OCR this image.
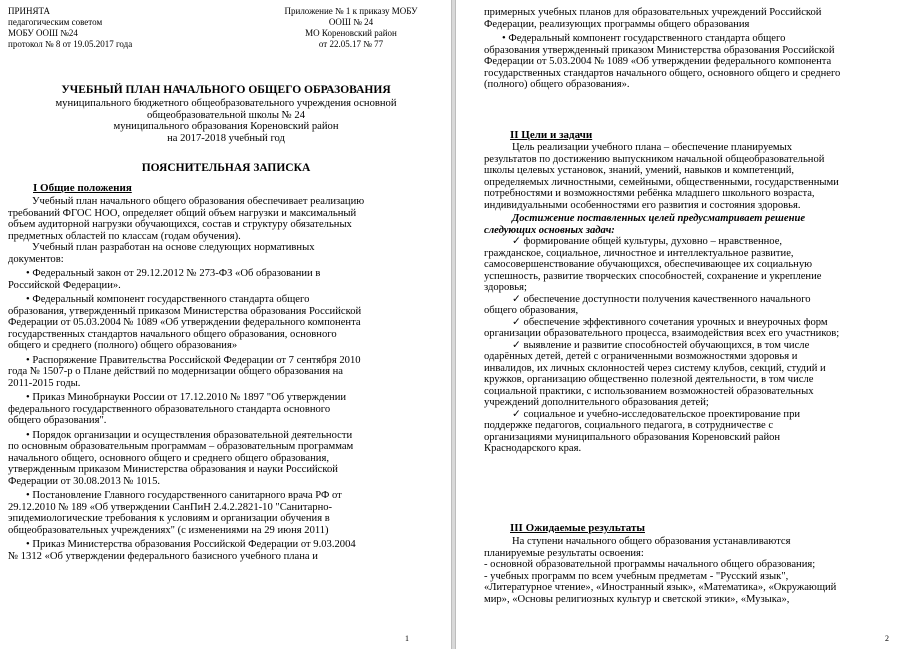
ПРИНЯТА
педагогическим советом
МОБУ ООШ №24
протокол № 8 от 19.05.2017 года
Приложение № 1 к приказу МОБУ
ООШ № 24
МО Кореновский район
от 22.05.17 № 77
УЧЕБНЫЙ ПЛАН НАЧАЛЬНОГО ОБЩЕГО ОБРАЗОВАНИЯ
муниципального бюджетного общеобразовательного учреждения основной
общеобразовательной школы № 24
муниципального образования Кореновский район
на 2017-2018 учебный год
ПОЯСНИТЕЛЬНАЯ ЗАПИСКА
I Общие положения
Учебный план начального общего образования обеспечивает реализацию
требований ФГОС НОО, определяет общий объем нагрузки и максимальный
объем аудиторной нагрузки обучающихся, состав и структуру обязательных
предметных областей по классам (годам обучения).
Учебный план разработан на основе следующих нормативных
документов:
• Федеральный закон от 29.12.2012 № 273-ФЗ «Об образовании в
Российской Федерации».
• Федеральный компонент государственного стандарта общего
образования, утвержденный приказом Министерства образования Российской
Федерации от 05.03.2004 № 1089 «Об утверждении федерального компонента
государственных стандартов начального общего образования, основного
общего и среднего (полного) общего образования»
• Распоряжение Правительства Российской Федерации от 7 сентября 2010
года № 1507-р о Плане действий по модернизации общего образования на
2011-2015 годы.
• Приказ Минобрнауки России от 17.12.2010 № 1897 "Об утверждении
федерального государственного образовательного стандарта основного
общего образования".
• Порядок организации и осуществления образовательной деятельности
по основным образовательным программам – образовательным программам
начального общего, основного общего и среднего общего образования,
утвержденным приказом Министерства образования и науки Российской
Федерации от 30.08.2013 № 1015.
• Постановление Главного государственного санитарного врача РФ от
29.12.2010 № 189 «Об утверждении СанПиН 2.4.2.2821-10 "Санитарно-
эпидемиологические требования к условиям и организации обучения в
общеобразовательных учреждениях" (с изменениями на 29 июня 2011)
• Приказ Министерства образования Российской Федерации от 9.03.2004
№ 1312 «Об утверждении федерального базисного учебного плана и
1
примерных учебных планов для образовательных учреждений Российской
Федерации, реализующих программы общего образования
• Федеральный компонент государственного стандарта общего
образования утвержденный приказом Министерства образования Российской
Федерации от 5.03.2004 № 1089 «Об утверждении федерального компонента
государственных стандартов начального общего, основного общего и среднего
(полного) общего образования».
II Цели и задачи
Цель реализации учебного плана – обеспечение планируемых
результатов по достижению выпускником начальной общеобразовательной
школы целевых установок, знаний, умений, навыков и компетенций,
определяемых личностными, семейными, общественными, государственными
потребностями и возможностями ребёнка младшего школьного возраста,
индивидуальными особенностями его развития и состояния здоровья.
Достижение поставленных целей предусматривает решение
следующих основных задач:
✓ формирование общей культуры, духовно – нравственное,
гражданское, социальное, личностное и интеллектуальное развитие,
самосовершенствование обучающихся, обеспечивающее их социальную
успешность, развитие творческих способностей, сохранение и укрепление
здоровья;
✓ обеспечение доступности получения качественного начального
общего образования,
✓ обеспечение эффективного сочетания урочных и внеурочных форм
организации образовательного процесса, взаимодействия всех его участников;
✓ выявление и развитие способностей обучающихся, в том числе
одарённых детей, детей с ограниченными возможностями здоровья и
инвалидов, их личных склонностей через систему клубов, секций, студий и
кружков, организацию общественно полезной деятельности, в том числе
социальной практики, с использованием возможностей образовательных
учреждений дополнительного образования детей;
✓ социальное и учебно-исследовательское проектирование при
поддержке педагогов, социального педагога, в сотрудничестве с
организациями муниципального образования Кореновский район
Краснодарского края.
III Ожидаемые результаты
На ступени начального общего образования устанавливаются
планируемые результаты освоения:
- основной образовательной программы начального общего образования;
- учебных программ по всем учебным предметам - "Русский язык",
«Литературное чтение», «Иностранный язык», «Математика», «Окружающий
мир», «Основы религиозных культур и светской этики», «Музыка»,
2
